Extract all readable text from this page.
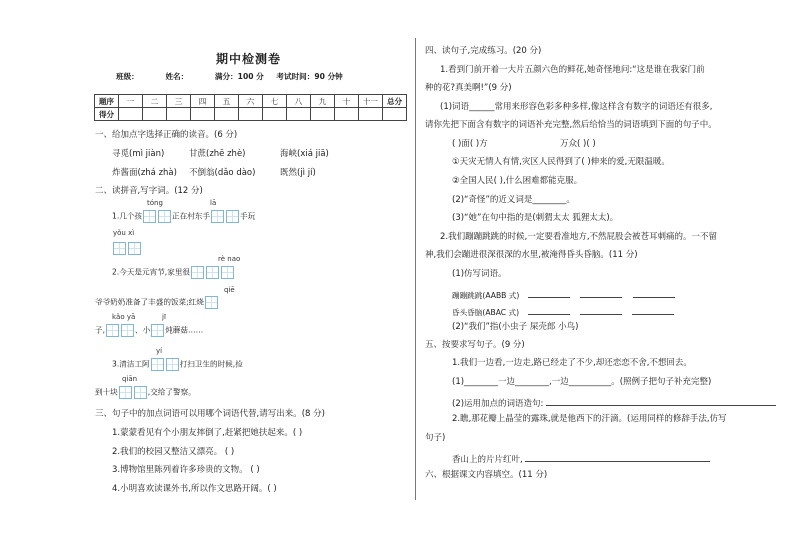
期中检测卷
班级：	姓名：	满分：100 分 考试时间：90 分钟
题序	一	二	三	四	五	六	七	八	九	十	十一	总分
得分												
一、给加点字选择正确的读音。(6 分)
寻觅(mì jiàn)	甘蔗(zhē zhè)	海峡(xiá jiā)
炸酱面(zhá zhà) 不倒翁(dǎo dào)	既然(jì jí)
二、读拼音,写字词。(12 分)
tóng	lā
1.几个孩	正在村东手	手玩
yǒu xì
rè nao
2.今天是元宵节,家里很
qiē
爷爷奶奶准备了丰盛的饭菜;红烧
kǎo yā	jī
子,	、小 炖蘑菇……
yí
3.清洁工阿	打扫卫生的时候,捡
qiān
到十块	,交给了警察。
三、句子中的加点词语可以用哪个词语代替,请写出来。(8 分)
1.蒙蒙看见有个小朋友摔倒了,赶紧把她扶起来。( )
2.我们的校园又整洁又漂亮。 ( )
3.博物馆里陈列着许多珍贵的文物。 ( )
4.小明喜欢读课外书,所以作文思路开阔。( )
四、读句子,完成练习。(20 分)
1.看到门前开着一大片五颜六色的鲜花,她奇怪地问:“这是谁在我家门前
种的花?真美啊!”(9 分)
(1)词语______常用来形容色彩多种多样,像这样含有数字的词语还有很多,
请你先把下面含有数字的词语补充完整,然后给恰当的词语填到下面的句子中。
( )面( )方	万众( )( )
①天灾无情人有情,灾区人民得到了( )伸来的爱,无限温暖。
②全国人民( ),什么困难都能克服。
(2)“奇怪”的近义词是________。
(3)“她”在句中指的是(刺猬太太 狐狸太太)。
2.我们蹦蹦跳跳的时候,一定要看准地方,不然屁股会被苍耳刺痛的。一不留
神,我们会蹦进很深很深的水里,被淹得昏头昏脑。(11 分)
(1)仿写词语。
蹦蹦跳跳(AABB 式)
昏头昏脑(ABAC 式)
(2)“我们”指(小虫子 屎壳郎 小鸟)
五、按要求写句子。(9 分)
1.我们一边看,一边走,路已经走了不少,却还恋恋不舍,不想回去。
(1)________一边________,一边__________。(照例子把句子补充完整)
(2)运用加点的词语造句:
2.瞧,那花瓣上晶莹的露珠,就是他西下的汗滴。(运用同样的修辞手法,仿写
句子)
香山上的片片红叶,
六、根据课文内容填空。(11 分)
